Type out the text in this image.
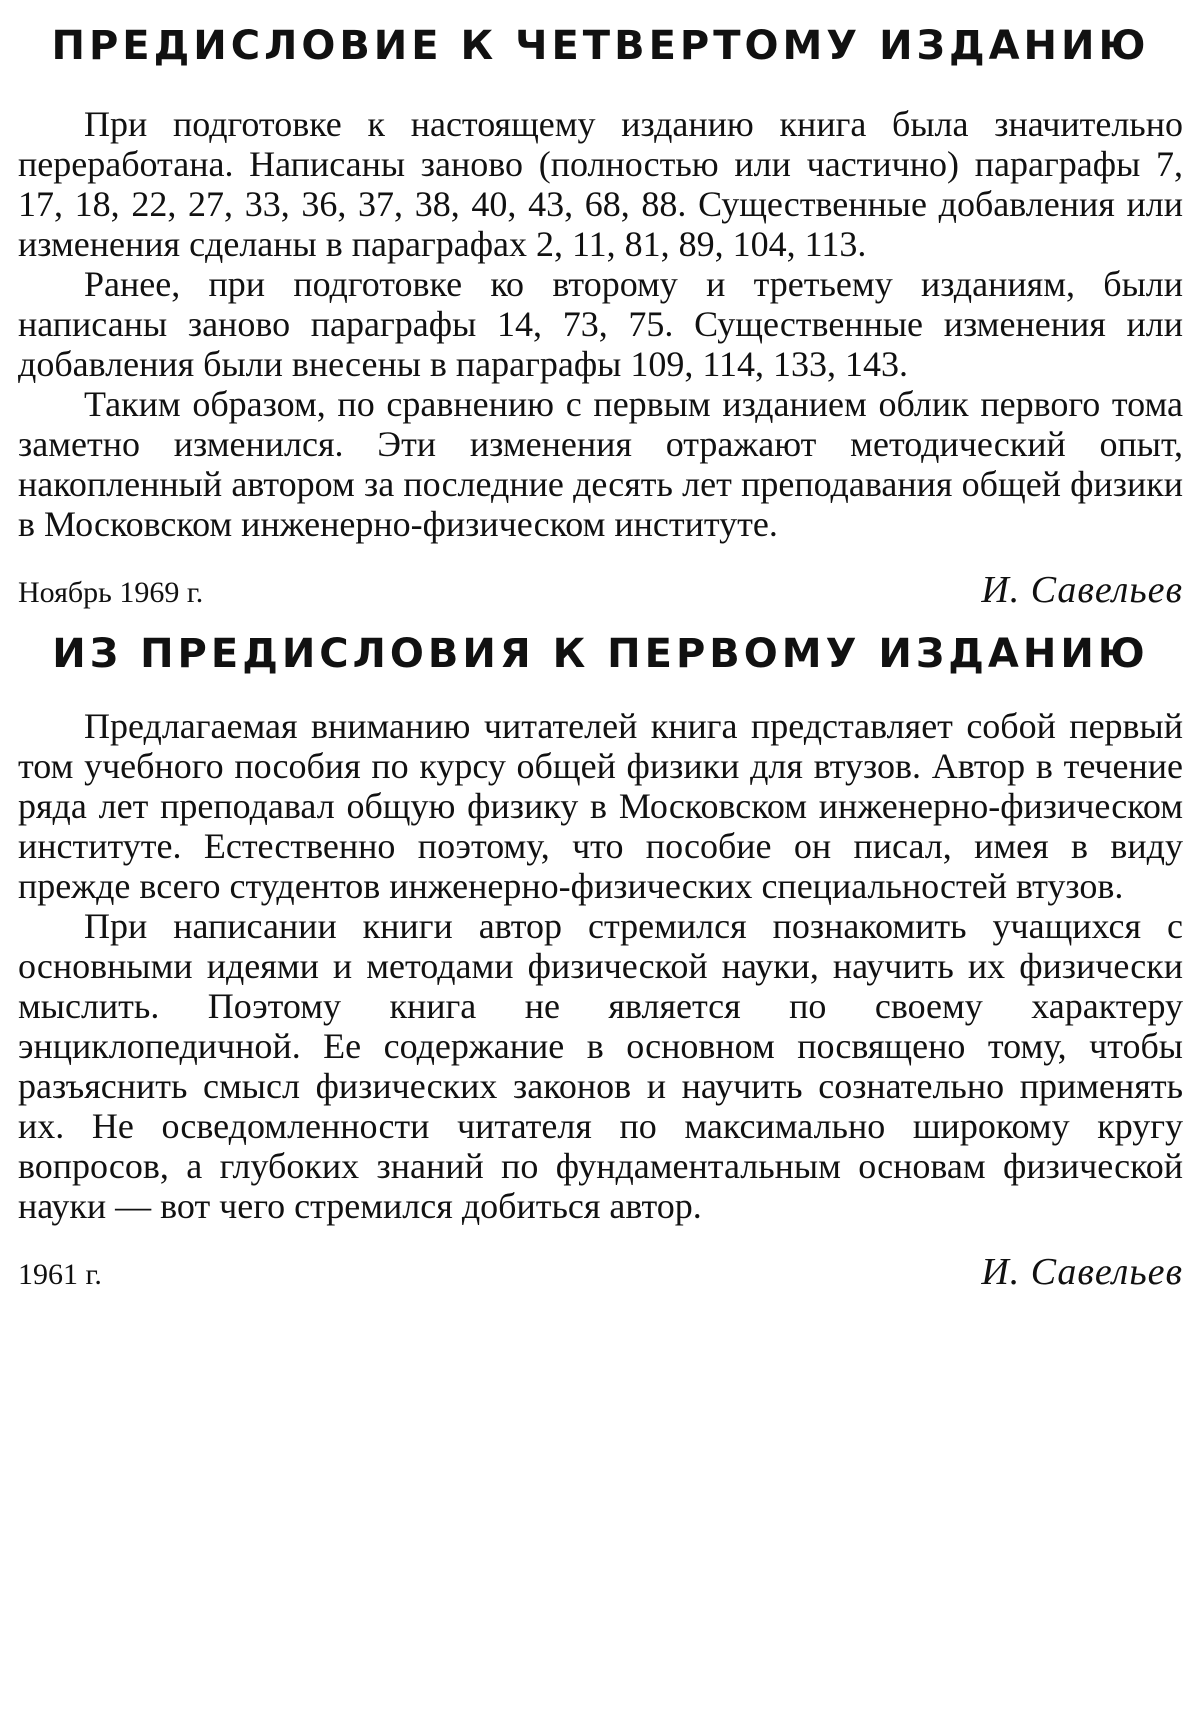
ПРЕДИСЛОВИЕ К ЧЕТВЕРТОМУ ИЗДАНИЮ

При подготовке к настоящему изданию книга была значительно переработана. Написаны заново (полностью или частично) параграфы 7, 17, 18, 22, 27, 33, 36, 37, 38, 40, 43, 68, 88. Существенные добавления или изменения сделаны в параграфах 2, 11, 81, 89, 104, 113.

Ранее, при подготовке ко второму и третьему изданиям, были написаны заново параграфы 14, 73, 75. Существенные изменения или добавления были внесены в параграфы 109, 114, 133, 143.

Таким образом, по сравнению с первым изданием облик первого тома заметно изменился. Эти изменения отражают методический опыт, накопленный автором за последние десять лет преподавания общей физики в Московском инженерно-физическом институте.

Ноябрь 1969 г.	И. Савельев
ИЗ ПРЕДИСЛОВИЯ К ПЕРВОМУ ИЗДАНИЮ

Предлагаемая вниманию читателей книга представляет собой первый том учебного пособия по курсу общей физики для втузов. Автор в течение ряда лет преподавал общую физику в Московском инженерно-физическом институте. Естественно поэтому, что пособие он писал, имея в виду прежде всего студентов инженерно-физических специальностей втузов.

При написании книги автор стремился познакомить учащихся с основными идеями и методами физической науки, научить их физически мыслить. Поэтому книга не является по своему характеру энциклопедичной. Ее содержание в основном посвящено тому, чтобы разъяснить смысл физических законов и научить сознательно применять их. Не осведомленности читателя по максимально широкому кругу вопросов, а глубоких знаний по фундаментальным основам физической науки — вот чего стремился добиться автор.

1961 г.	И. Савельев
